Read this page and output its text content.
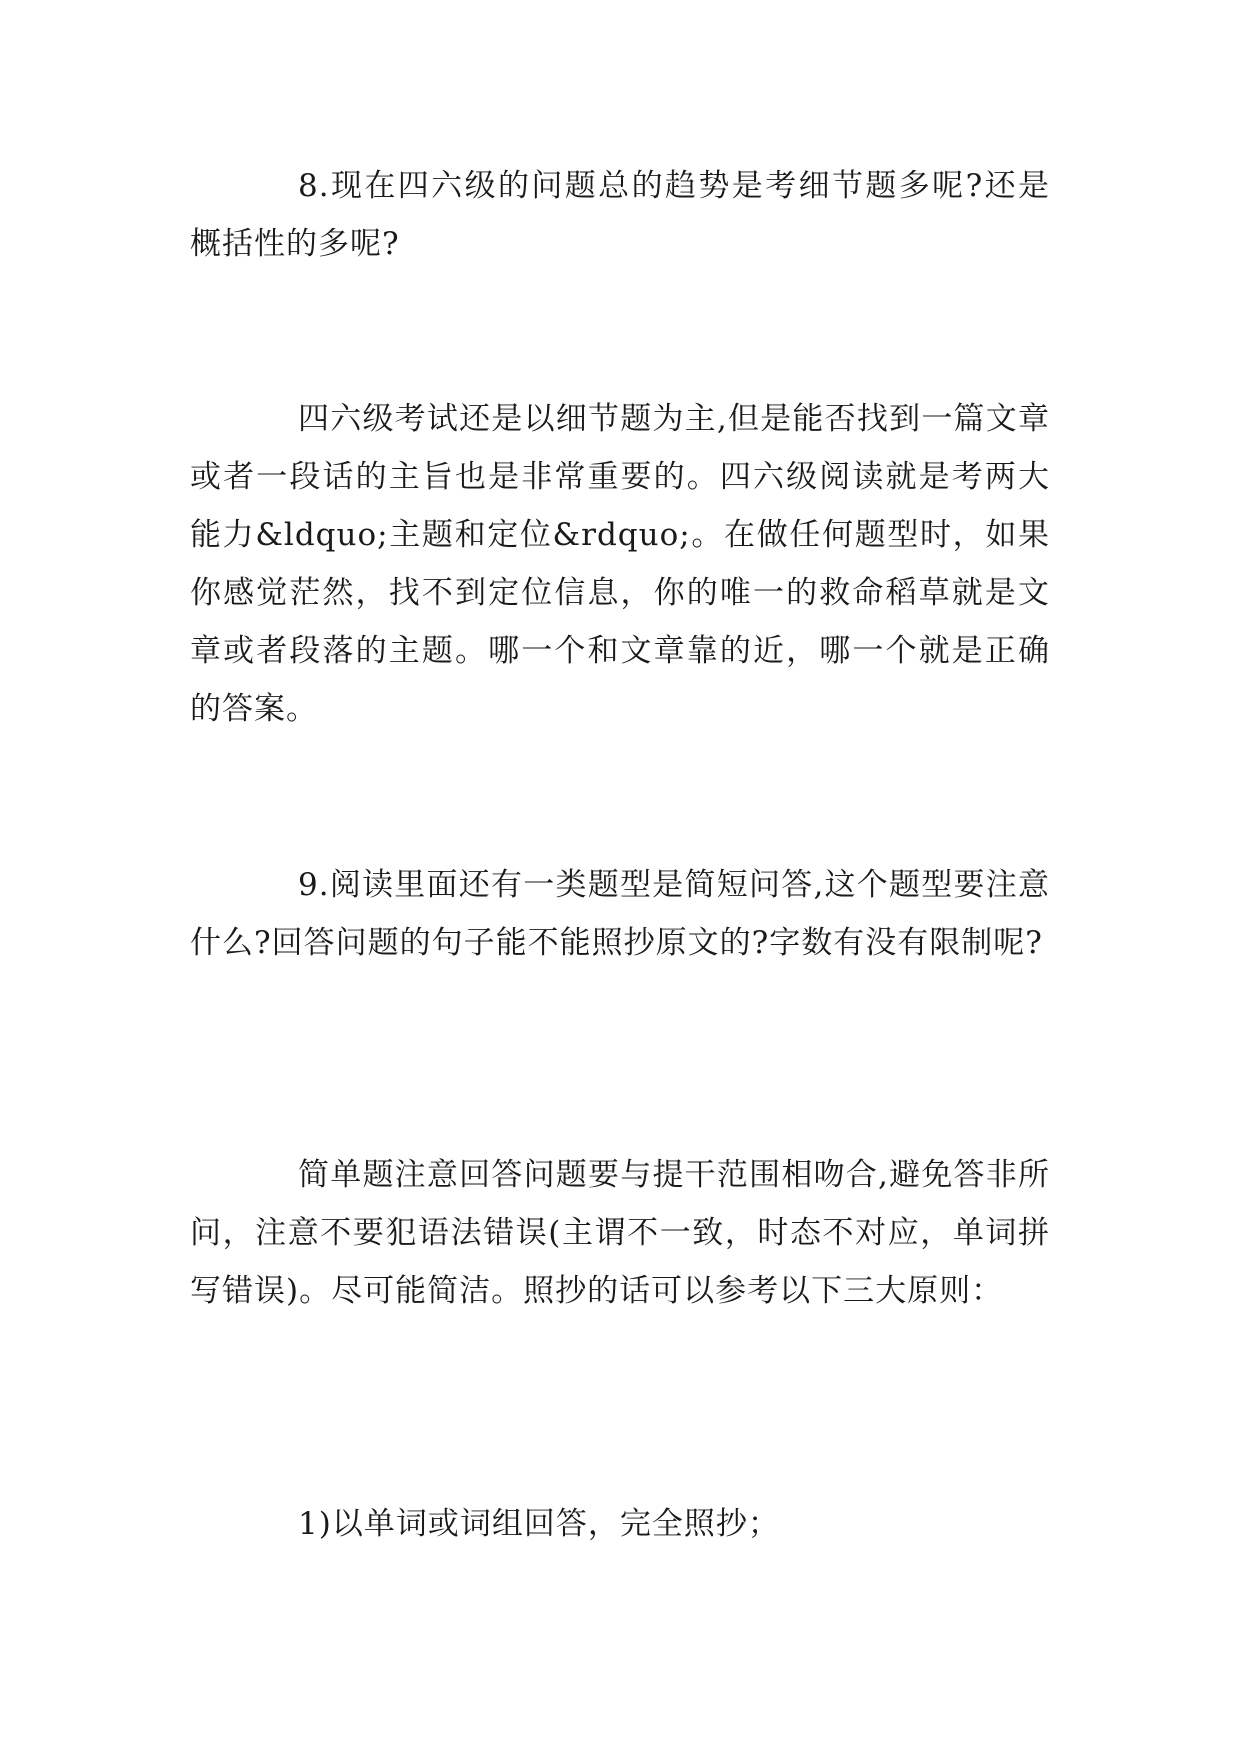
8.现在四六级的问题总的趋势是考细节题多呢?还是概括性的多呢?

四六级考试还是以细节题为主,但是能否找到一篇文章或者一段话的主旨也是非常重要的。四六级阅读就是考两大能力&ldquo;主题和定位&rdquo;。在做任何题型时，如果你感觉茫然，找不到定位信息，你的唯一的救命稻草就是文章或者段落的主题。哪一个和文章靠的近，哪一个就是正确的答案。

9.阅读里面还有一类题型是简短问答,这个题型要注意什么?回答问题的句子能不能照抄原文的?字数有没有限制呢?

简单题注意回答问题要与提干范围相吻合,避免答非所问，注意不要犯语法错误(主谓不一致，时态不对应，单词拼写错误)。尽可能简洁。照抄的话可以参考以下三大原则：

1)以单词或词组回答，完全照抄；
